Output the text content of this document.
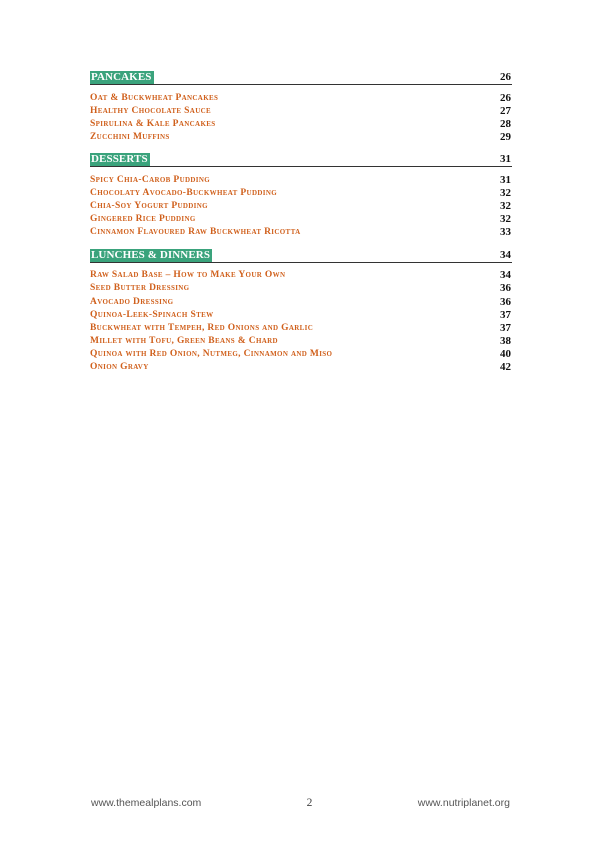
PANCAKES	26
Oat & Buckwheat Pancakes	26
Healthy Chocolate Sauce	27
Spirulina & Kale Pancakes	28
Zucchini Muffins	29
DESSERTS	31
Spicy Chia-Carob Pudding	31
Chocolaty Avocado-Buckwheat Pudding	32
Chia-Soy Yogurt Pudding	32
Gingered Rice Pudding	32
Cinnamon Flavoured Raw Buckwheat Ricotta	33
LUNCHES & DINNERS	34
Raw Salad Base – How to Make Your Own	34
Seed Butter Dressing	36
Avocado Dressing	36
Quinoa-Leek-Spinach Stew	37
Buckwheat with Tempeh, Red Onions and Garlic	37
Millet with Tofu, Green Beans & Chard	38
Quinoa with Red Onion, Nutmeg, Cinnamon and Miso	40
Onion Gravy	42
www.themealplans.com	2	www.nutriplanet.org
